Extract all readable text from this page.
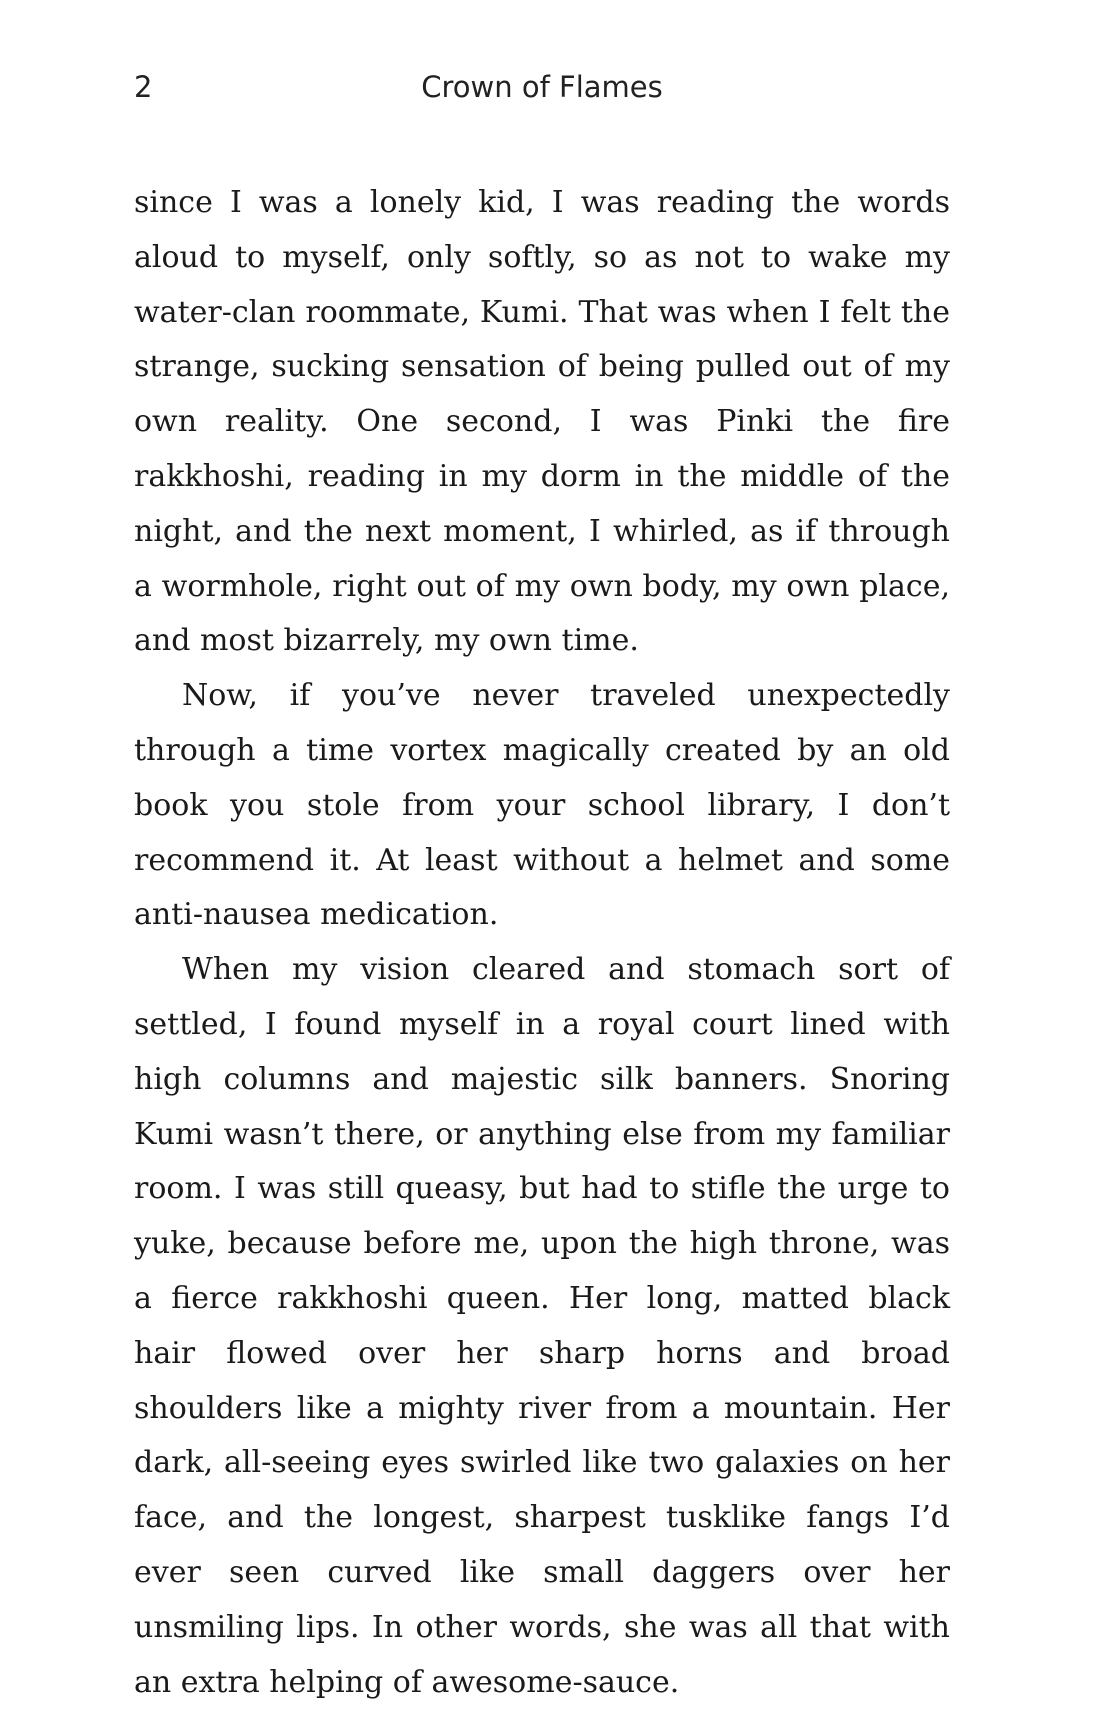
2	Crown of Flames

since I was a lonely kid, I was reading the words aloud to myself, only softly, so as not to wake my water-clan roommate, Kumi. That was when I felt the strange, sucking sensation of being pulled out of my own reality. One second, I was Pinki the fire rakkhoshi, reading in my dorm in the middle of the night, and the next moment, I whirled, as if through a wormhole, right out of my own body, my own place, and most bizarrely, my own time.

Now, if you’ve never traveled unexpectedly through a time vortex magically created by an old book you stole from your school library, I don’t recommend it. At least without a helmet and some anti-nausea medication.

When my vision cleared and stomach sort of settled, I found myself in a royal court lined with high columns and majestic silk banners. Snoring Kumi wasn’t there, or anything else from my familiar room. I was still queasy, but had to stifle the urge to yuke, because before me, upon the high throne, was a fierce rakkhoshi queen. Her long, matted black hair flowed over her sharp horns and broad shoulders like a mighty river from a mountain. Her dark, all-seeing eyes swirled like two galaxies on her face, and the longest, sharpest tusklike fangs I’d ever seen curved like small daggers over her unsmiling lips. In other words, she was all that with an extra helping of awesome-sauce.
